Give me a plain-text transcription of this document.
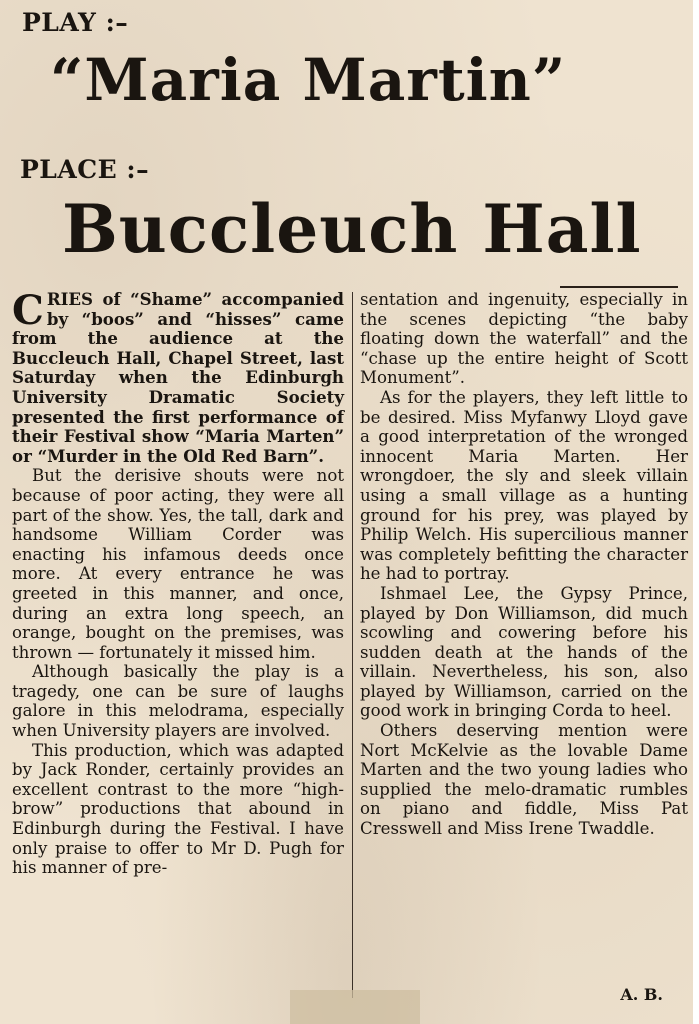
PLAY :–
“Maria Martin”
PLACE :–
Buccleuch Hall

CRIES of “Shame” accompanied by “boos” and “hisses” came from the audience at the Buccleuch Hall, Chapel Street, last Saturday when the Edinburgh University Dramatic Society presented the first performance of their Festival show “Maria Marten” or “Murder in the Old Red Barn”.

But the derisive shouts were not because of poor acting, they were all part of the show. Yes, the tall, dark and handsome William Corder was enacting his infamous deeds once more. At every entrance he was greeted in this manner, and once, during an extra long speech, an orange, bought on the premises, was thrown — fortunately it missed him.

Although basically the play is a tragedy, one can be sure of laughs galore in this melodrama, especially when University players are involved.

This production, which was adapted by Jack Ronder, certainly provides an excellent contrast to the more “high-brow” productions that abound in Edinburgh during the Festival. I have only praise to offer to Mr D. Pugh for his manner of pre-

sentation and ingenuity, especially in the scenes depicting “the baby floating down the waterfall” and the “chase up the entire height of Scott Monument”.

As for the players, they left little to be desired. Miss Myfanwy Lloyd gave a good interpretation of the wronged innocent Maria Marten. Her wrongdoer, the sly and sleek villain using a small village as a hunting ground for his prey, was played by Philip Welch. His supercilious manner was completely befitting the character he had to portray.

Ishmael Lee, the Gypsy Prince, played by Don Williamson, did much scowling and cowering before his sudden death at the hands of the villain. Nevertheless, his son, also played by Williamson, carried on the good work in bringing Corda to heel.

Others deserving mention were Nort McKelvie as the lovable Dame Marten and the two young ladies who supplied the melo-dramatic rumbles on piano and fiddle, Miss Pat Cresswell and Miss Irene Twaddle.

A. B.
